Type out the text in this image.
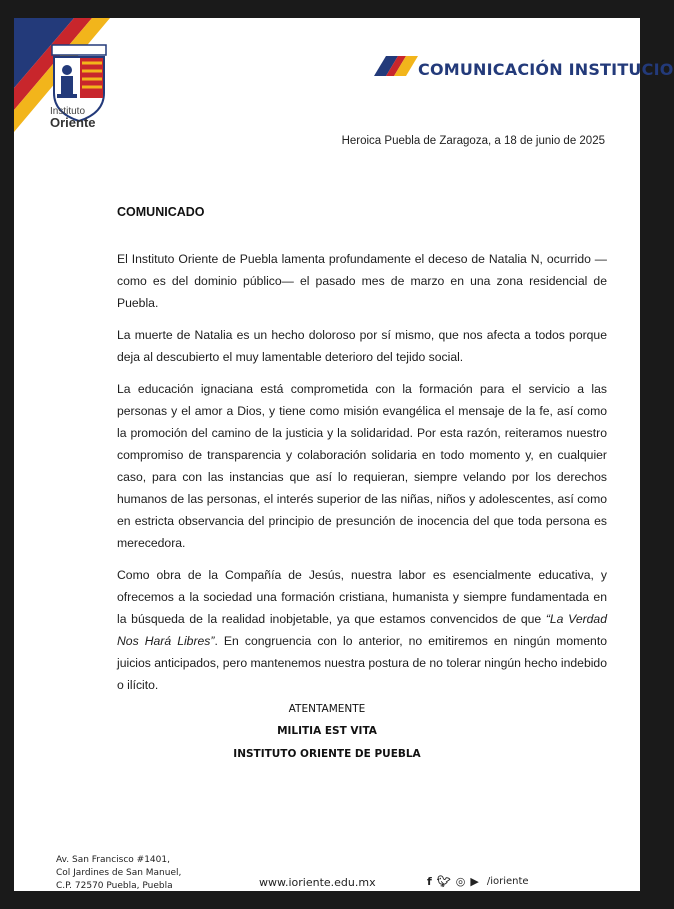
Instituto
Oriente
COMUNICACIÓN INSTITUCIO
Heroica Puebla de Zaragoza, a 18 de junio de 2025
COMUNICADO

El Instituto Oriente de Puebla lamenta profundamente el deceso de Natalia N, ocurrido —como es del dominio público— el pasado mes de marzo en una zona residencial de Puebla.

La muerte de Natalia es un hecho doloroso por sí mismo, que nos afecta a todos porque deja al descubierto el muy lamentable deterioro del tejido social.

La educación ignaciana está comprometida con la formación para el servicio a las personas y el amor a Dios, y tiene como misión evangélica el mensaje de la fe, así como la promoción del camino de la justicia y la solidaridad. Por esta razón, reiteramos nuestro compromiso de transparencia y colaboración solidaria en todo momento y, en cualquier caso, para con las instancias que así lo requieran, siempre velando por los derechos humanos de las personas, el interés superior de las niñas, niños y adolescentes, así como en estricta observancia del principio de presunción de inocencia del que toda persona es merecedora.

Como obra de la Compañía de Jesús, nuestra labor es esencialmente educativa, y ofrecemos a la sociedad una formación cristiana, humanista y siempre fundamentada en la búsqueda de la realidad inobjetable, ya que estamos convencidos de que “La Verdad Nos Hará Libres”. En congruencia con lo anterior, no emitiremos en ningún momento juicios anticipados, pero mantenemos nuestra postura de no tolerar ningún hecho indebido o ilícito.

ATENTAMENTE
MILITIA EST VITA
INSTITUTO ORIENTE DE PUEBLA
Av. San Francisco #1401,
Col Jardines de San Manuel,
C.P. 72570 Puebla, Puebla	www.ioriente.edu.mx	f 🐦︎ ◎ ▶ /ioriente
